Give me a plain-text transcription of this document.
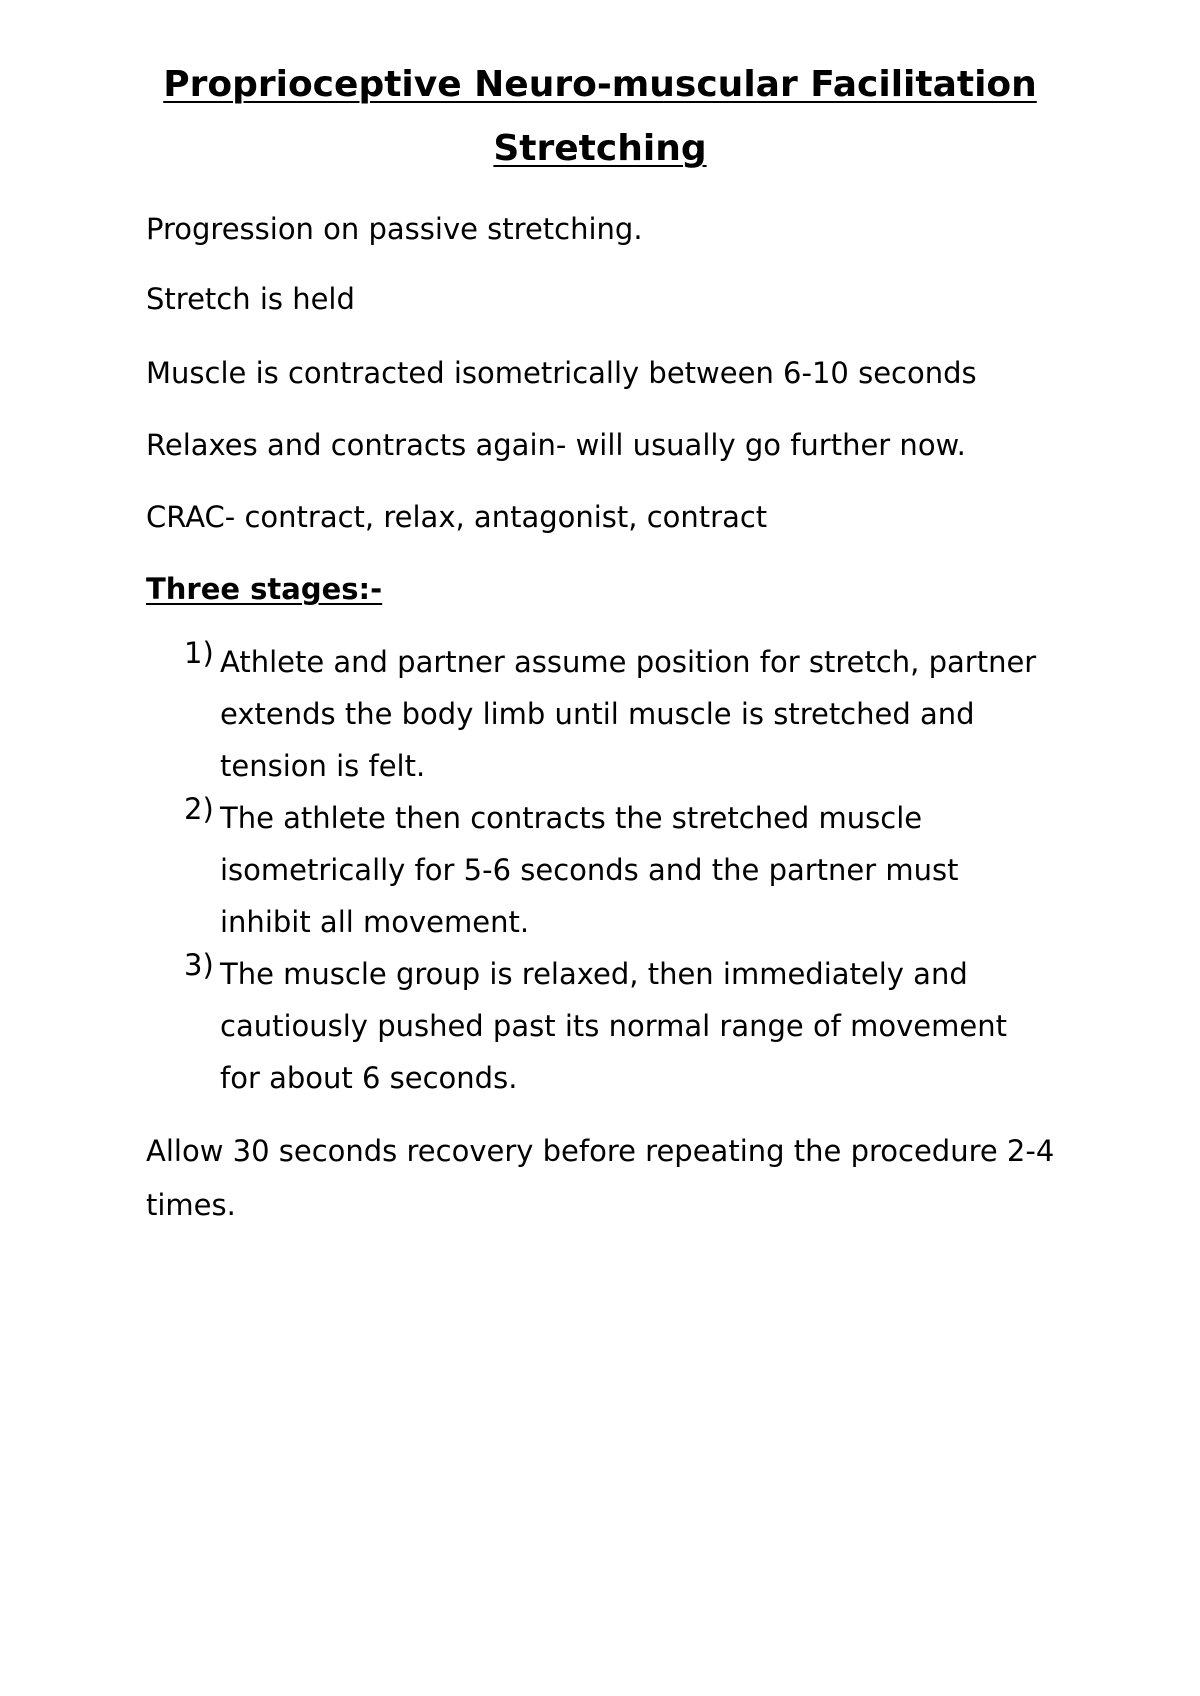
Proprioceptive Neuro-muscular Facilitation
Stretching

Progression on passive stretching.

Stretch is held

Muscle is contracted isometrically between 6-10 seconds

Relaxes and contracts again- will usually go further now.

CRAC- contract, relax, antagonist, contract

Three stages:-

1) Athlete and partner assume position for stretch, partner extends the body limb until muscle is stretched and tension is felt.
2) The athlete then contracts the stretched muscle isometrically for 5-6 seconds and the partner must inhibit all movement.
3) The muscle group is relaxed, then immediately and cautiously pushed past its normal range of movement for about 6 seconds.

Allow 30 seconds recovery before repeating the procedure 2-4 times.
